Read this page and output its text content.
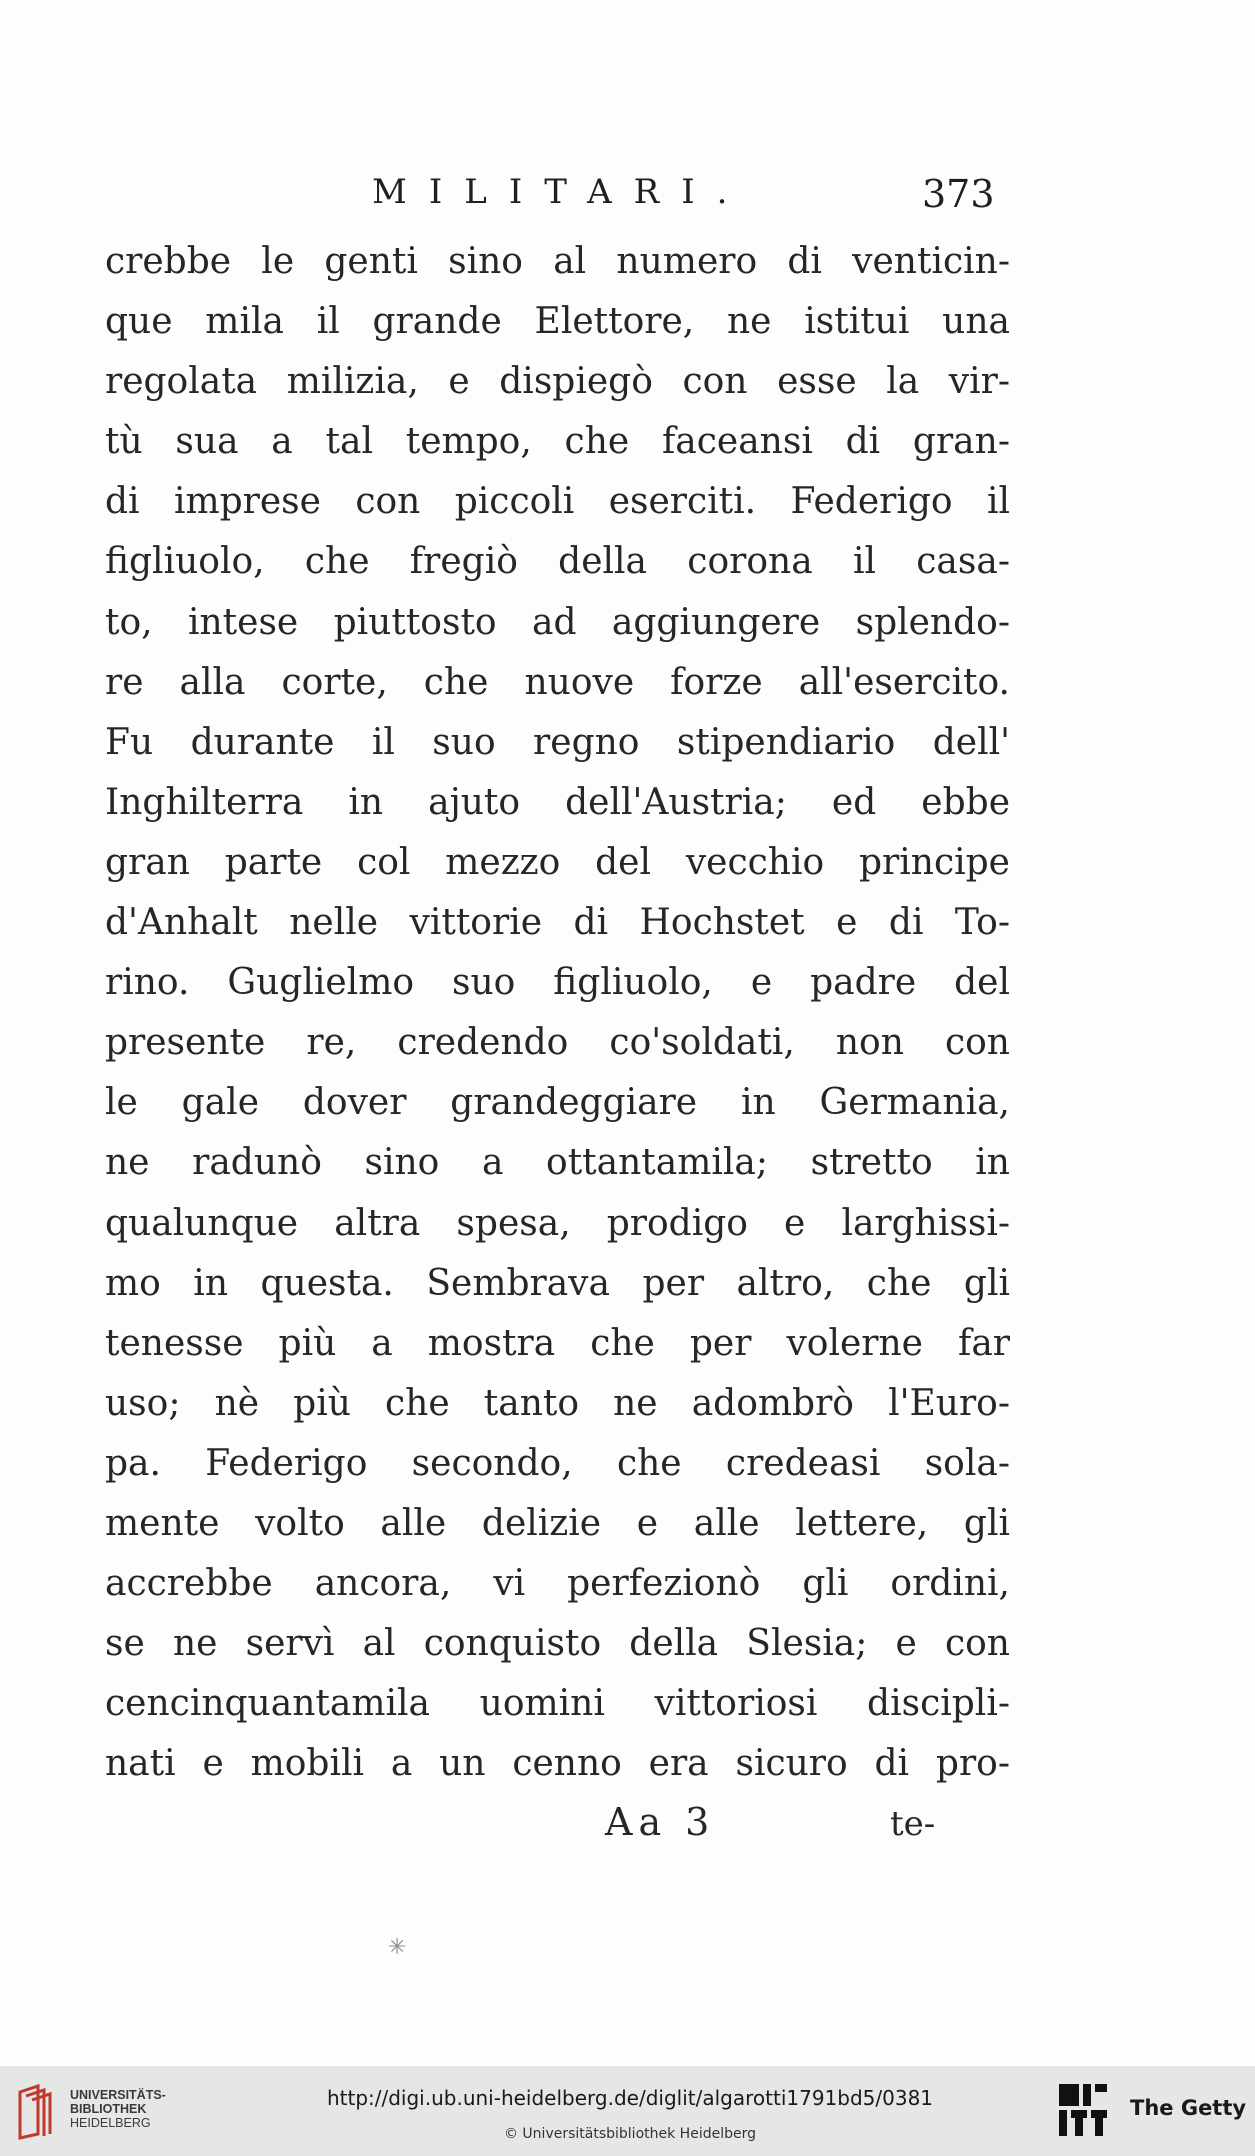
MILITARI.	373
crebbe le genti sino al numero di venticin-
que mila il grande Elettore, ne istitui una
regolata milizia, e dispiegò con esse la vir-
tù sua a tal tempo, che faceansi di gran-
di imprese con piccoli eserciti. Federigo il
figliuolo, che fregiò della corona il casa-
to, intese piuttosto ad aggiungere splendo-
re alla corte, che nuove forze all'esercito.
Fu durante il suo regno stipendiario dell'
Inghilterra in ajuto dell'Austria; ed ebbe
gran parte col mezzo del vecchio principe
d'Anhalt nelle vittorie di Hochstet e di To-
rino. Guglielmo suo figliuolo, e padre del
presente re, credendo co'soldati, non con
le gale dover grandeggiare in Germania,
ne radunò sino a ottantamila; stretto in
qualunque altra spesa, prodigo e larghissi-
mo in questa. Sembrava per altro, che gli
tenesse più a mostra che per volerne far
uso; nè più che tanto ne adombrò l'Euro-
pa. Federigo secondo, che credeasi sola-
mente volto alle delizie e alle lettere, gli
accrebbe ancora, vi perfezionò gli ordini,
se ne servì al conquisto della Slesia; e con
cencinquantamila uomini vittoriosi discipli-
nati e mobili a un cenno era sicuro di pro-
Aa 3	te-
✳
UNIVERSITÄTS-
BIBLIOTHEK
HEIDELBERG
http://digi.ub.uni-heidelberg.de/diglit/algarotti1791bd5/0381
© Universitätsbibliothek Heidelberg
The Getty
